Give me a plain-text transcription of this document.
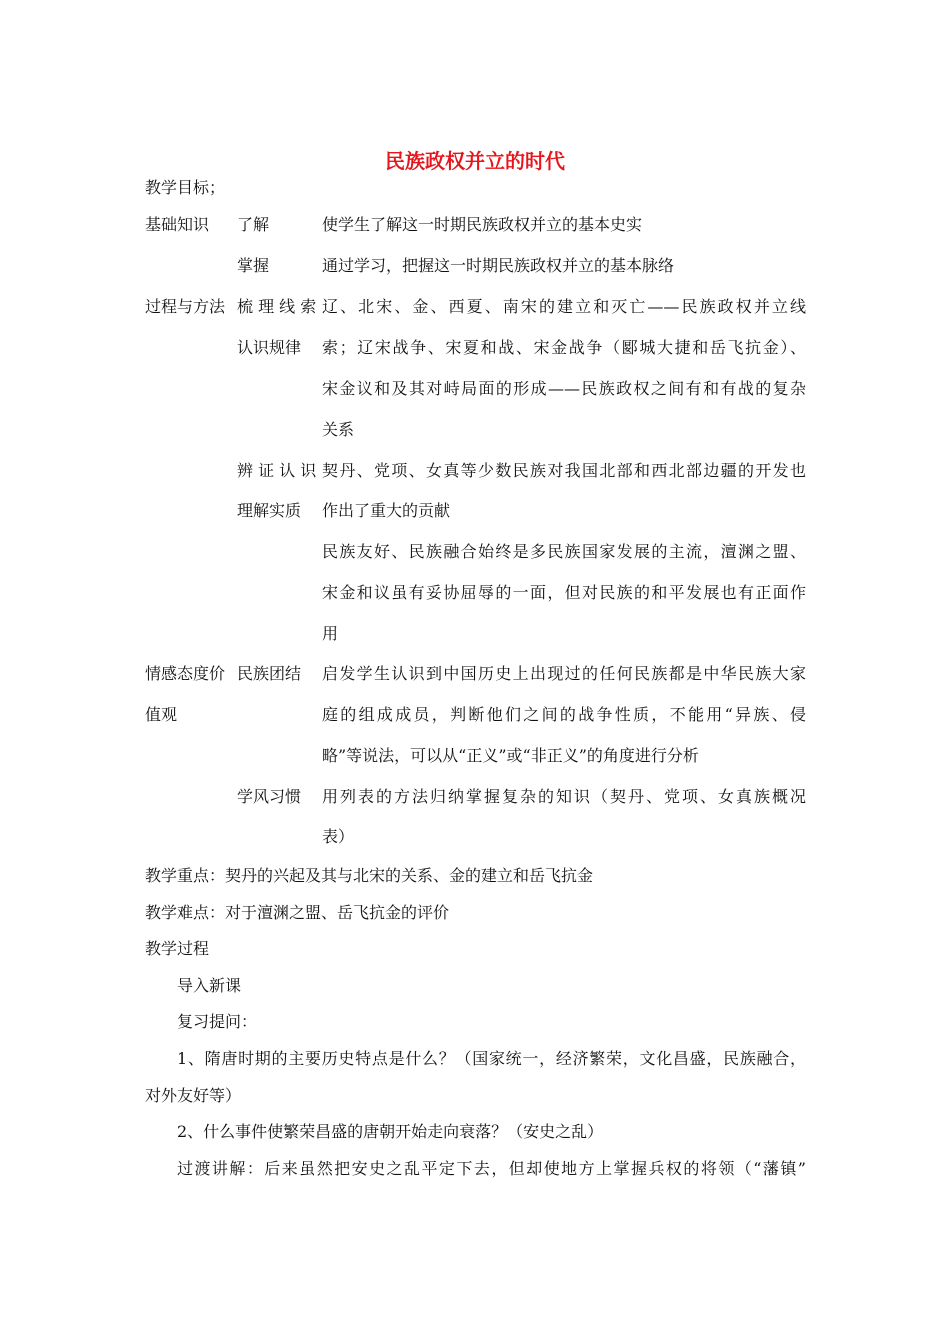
民族政权并立的时代
教学目标；
基础知识 了解	使学生了解这一时期民族政权并立的基本史实
掌握	通过学习，把握这一时期民族政权并立的基本脉络
过程与方法 梳 理 线 索
认识规律
辽、北宋、金、西夏、南宋的建立和灭亡——民族政权并立线
索；辽宋战争、宋夏和战、宋金战争（郾城大捷和岳飞抗金）、
宋金议和及其对峙局面的形成——民族政权之间有和有战的复杂
关系
辨 证 认 识
理解实质
契丹、党项、女真等少数民族对我国北部和西北部边疆的开发也
作出了重大的贡献
民族友好、民族融合始终是多民族国家发展的主流，澶渊之盟、
宋金和议虽有妥协屈辱的一面，但对民族的和平发展也有正面作
用
情感态度价
值观
民族团结 启发学生认识到中国历史上出现过的任何民族都是中华民族大家
庭的组成成员，判断他们之间的战争性质，不能用“异族、侵
略”等说法，可以从“正义”或“非正义”的角度进行分析
学风习惯 用列表的方法归纳掌握复杂的知识（契丹、党项、女真族概况
表）
教学重点：契丹的兴起及其与北宋的关系、金的建立和岳飞抗金
教学难点：对于澶渊之盟、岳飞抗金的评价
教学过程
导入新课
复习提问：
1、隋唐时期的主要历史特点是什么？（国家统一，经济繁荣，文化昌盛，民族融合，
对外友好等）
2、什么事件使繁荣昌盛的唐朝开始走向衰落？（安史之乱）
过渡讲解：后来虽然把安史之乱平定下去，但却使地方上掌握兵权的将领（“藩镇”
